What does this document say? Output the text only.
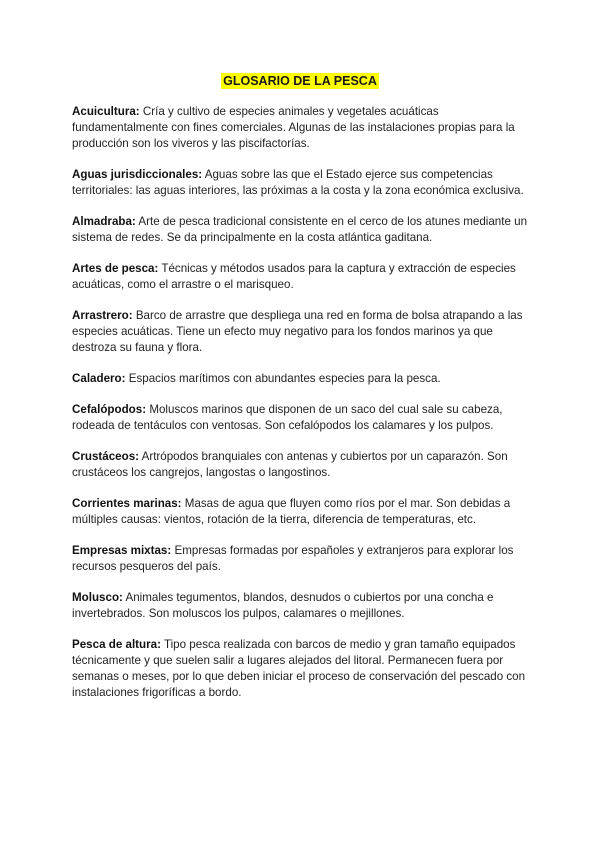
GLOSARIO DE LA PESCA

Acuicultura: Cría y cultivo de especies animales y vegetales acuáticas fundamentalmente con fines comerciales. Algunas de las instalaciones propias para la producción son los viveros y las piscifactorías.

Aguas jurisdiccionales: Aguas sobre las que el Estado ejerce sus competencias territoriales: las aguas interiores, las próximas a la costa y la zona económica exclusiva.

Almadraba: Arte de pesca tradicional consistente en el cerco de los atunes mediante un sistema de redes. Se da principalmente en la costa atlántica gaditana.

Artes de pesca: Técnicas y métodos usados para la captura y extracción de especies acuáticas, como el arrastre o el marisqueo.

Arrastrero: Barco de arrastre que despliega una red en forma de bolsa atrapando a las especies acuáticas. Tiene un efecto muy negativo para los fondos marinos ya que destroza su fauna y flora.

Caladero: Espacios marítimos con abundantes especies para la pesca.

Cefalópodos: Moluscos marinos que disponen de un saco del cual sale su cabeza, rodeada de tentáculos con ventosas. Son cefalópodos los calamares y los pulpos.

Crustáceos: Artrópodos branquiales con antenas y cubiertos por un caparazón. Son crustáceos los cangrejos, langostas o langostinos.

Corrientes marinas: Masas de agua que fluyen como ríos por el mar. Son debidas a múltiples causas: vientos, rotación de la tierra, diferencia de temperaturas, etc.

Empresas mixtas: Empresas formadas por españoles y extranjeros para explorar los recursos pesqueros del país.

Molusco: Animales tegumentos, blandos, desnudos o cubiertos por una concha e invertebrados. Son moluscos los pulpos, calamares o mejillones.

Pesca de altura: Tipo pesca realizada con barcos de medio y gran tamaño equipados técnicamente y que suelen salir a lugares alejados del litoral. Permanecen fuera por semanas o meses, por lo que deben iniciar el proceso de conservación del pescado con instalaciones frigoríficas a bordo.
